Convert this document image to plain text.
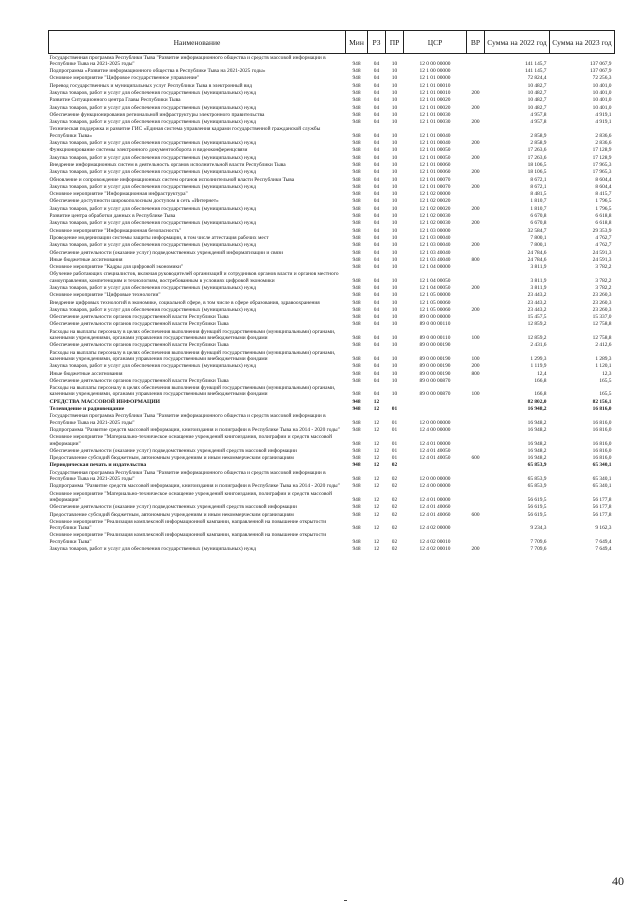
Наименование	Мин	РЗ	ПР	ЦСР	ВР	Сумма на 2022 год	Сумма на 2023 год
Государственная программа Республики Тыва "Развитие информационного общества и средств массовой информации в Республике Тыва на 2021-2025 годы"	948	04	10	12 0 00 00000		141 145,7	137 067,9
Подпрограмма «Развитие информационного общества в Республике Тыва на 2021-2025 годы»	948	04	10	12 1 00 00000		141 145,7	137 067,9
Основное мероприятие "Цифровое государственное управление"	948	04	10	12 1 01 00000		72 824,4	72 256,3
Перевод государственных и муниципальных услуг Республики Тыва в электронный вид	948	04	10	12 1 01 00010		10 482,7	10 401,0
Закупка товаров, работ и услуг для обеспечения государственных (муниципальных) нужд	948	04	10	12 1 01 00010	200	10 482,7	10 401,0
Развитие Ситуационного центра Главы Республики Тыва	948	04	10	12 1 01 00020		10 482,7	10 401,0
Закупка товаров, работ и услуг для обеспечения государственных (муниципальных) нужд	948	04	10	12 1 01 00020	200	10 482,7	10 401,0
Обеспечение функционирования региональной инфраструктуры электронного правительства	948	04	10	12 1 01 00030		4 957,8	4 919,1
Закупка товаров, работ и услуг для обеспечения государственных (муниципальных) нужд	948	04	10	12 1 01 00030	200	4 957,8	4 919,1
Техническая поддержка и развитие ГИС «Единая система управления кадрами государственной гражданской службы Республики Тыва»	948	04	10	12 1 01 00040		2 858,9	2 836,6
Закупка товаров, работ и услуг для обеспечения государственных (муниципальных) нужд	948	04	10	12 1 01 00040	200	2 858,9	2 836,6
Функционирование системы электронного документооборота и видеоконференцсвязи	948	04	10	12 1 01 00050		17 263,6	17 128,9
Закупка товаров, работ и услуг для обеспечения государственных (муниципальных) нужд	948	04	10	12 1 01 00050	200	17 263,6	17 128,9
Внедрение информационных систем в деятельность органов исполнительной власти Республики Тыва	948	04	10	12 1 01 00060		18 106,5	17 965,3
Закупка товаров, работ и услуг для обеспечения государственных (муниципальных) нужд	948	04	10	12 1 01 00060	200	18 106,5	17 965,3
Обновление и сопровождение информационных систем органов исполнительной власти Республики Тыва	948	04	10	12 1 01 00070		8 672,1	8 604,4
Закупка товаров, работ и услуг для обеспечения государственных (муниципальных) нужд	948	04	10	12 1 01 00070	200	8 672,1	8 604,4
Основное мероприятие "Информационная инфраструктура"	948	04	10	12 1 02 00000		8 481,5	8 415,7
Обеспечение доступности широкополосным доступом в сеть «Интернет»	948	04	10	12 1 02 00020		1 810,7	1 796,5
Закупка товаров, работ и услуг для обеспечения государственных (муниципальных) нужд	948	04	10	12 1 02 00020	200	1 810,7	1 796,5
Развитие центра обработки данных в Республике Тыва	948	04	10	12 1 02 00030		6 670,8	6 618,8
Закупка товаров, работ и услуг для обеспечения государственных (муниципальных) нужд	948	04	10	12 1 02 00030	200	6 670,8	6 618,8
Основное мероприятие "Информационная безопасность"	948	04	10	12 1 03 00000		32 584,7	29 353,9
Проведение модернизации системы защиты информации, в том числе аттестация рабочих мест	948	04	10	12 1 03 00040		7 800,1	4 762,7
Закупка товаров, работ и услуг для обеспечения государственных (муниципальных) нужд	948	04	10	12 1 03 00040	200	7 800,1	4 762,7
Обеспечение деятельности (оказание услуг) подведомственных учреждений информатизации и связи	948	04	10	12 1 03 40040		24 784,6	24 591,3
Иные бюджетные ассигнования	948	04	10	12 1 03 40040	800	24 784,6	24 591,3
Основное мероприятие "Кадры для цифровой экономики"	948	04	10	12 1 04 00000		3 811,9	3 782,2
Обучение работающих специалистов, включая руководителей организаций и сотрудников органов власти и органов местного самоуправления, компетенциям и технологиям, востребованным в условиях цифровой экономики	948	04	10	12 1 04 00050		3 811,9	3 782,2
Закупка товаров, работ и услуг для обеспечения государственных (муниципальных) нужд	948	04	10	12 1 04 00050	200	3 811,9	3 782,2
Основное мероприятие "Цифровые технологии"	948	04	10	12 1 05 00000		23 443,2	23 260,3
Внедрение цифровых технологий в экономике, социальной сфере, в том числе в сфере образования, здравоохранения	948	04	10	12 1 05 00060		23 443,2	23 260,3
Закупка товаров, работ и услуг для обеспечения государственных (муниципальных) нужд	948	04	10	12 1 05 00060	200	23 443,2	23 260,3
Обеспечение деятельности органов государственной власти Республики Тыва	948	04	10	89 0 00 00000		15 457,5	15 337,0
Обеспечение деятельности органов государственной власти Республики Тыва	948	04	10	89 0 00 00110		12 859,2	12 758,8
Расходы на выплаты персоналу в целях обеспечения выполнения функций государственными (муниципальными) органами, казенными учреждениями, органами управления государственными внебюджетными фондами	948	04	10	89 0 00 00110	100	12 859,2	12 758,8
Обеспечение деятельности органов государственной власти Республики Тыва	948	04	10	89 0 00 00190		2 431,6	2 412,6
Расходы на выплаты персоналу в целях обеспечения выполнения функций государственными (муниципальными) органами, казенными учреждениями, органами управления государственными внебюджетными фондами	948	04	10	89 0 00 00190	100	1 299,3	1 289,3
Закупка товаров, работ и услуг для обеспечения государственных (муниципальных) нужд	948	04	10	89 0 00 00190	200	1 119,9	1 120,1
Иные бюджетные ассигнования	948	04	10	89 0 00 00190	800	12,4	12,3
Обеспечение деятельности органов государственной власти Республики Тыва	948	04	10	89 0 00 00870		166,8	165,5
Расходы на выплаты персоналу в целях обеспечения выполнения функций государственными (муниципальными) органами, казенными учреждениями, органами управления государственными внебюджетными фондами	948	04	10	89 0 00 00870	100	166,8	165,5
СРЕДСТВА МАССОВОЙ ИНФОРМАЦИИ	948	12				82 802,0	82 156,1
Телевидение и радиовещание	948	12	01			16 948,2	16 816,0
Государственная программа Республики Тыва "Развитие информационного общества и средств массовой информации в Республике Тыва на 2021-2025 годы"	948	12	01	12 0 00 00000		16 948,2	16 816,0
Подпрограмма "Развитие средств массовой информации, книгоиздания и полиграфии в Республике Тыва на 2014 - 2020 годы"	948	12	01	12 4 00 00000		16 948,2	16 816,0
Основное мероприятие "Материально-техническое оснащение учреждений книгоиздания, полиграфии и средств массовой информации"	948	12	01	12 4 01 00000		16 948,2	16 816,0
Обеспечение деятельности (оказание услуг) подведомственных учреждений средств массовой информации	948	12	01	12 4 01 40050		16 948,2	16 816,0
Предоставление субсидий бюджетным, автономным учреждениям и иным некоммерческим организациям	948	12	01	12 4 01 40050	600	16 948,2	16 816,0
Периодическая печать и издательства	948	12	02			65 853,9	65 340,1
Государственная программа Республики Тыва "Развитие информационного общества и средств массовой информации в Республике Тыва на 2021-2025 годы"	948	12	02	12 0 00 00000		65 853,9	65 340,1
Подпрограмма "Развитие средств массовой информации, книгоиздания и полиграфии в Республике Тыва на 2014 - 2020 годы"	948	12	02	12 4 00 00000		65 853,9	65 340,1
Основное мероприятие "Материально-техническое оснащение учреждений книгоиздания, полиграфии и средств массовой информации"	948	12	02	12 4 01 00000		56 619,5	56 177,8
Обеспечение деятельности (оказание услуг) подведомственных учреждений средств массовой информации	948	12	02	12 4 01 40060		56 619,5	56 177,8
Предоставление субсидий бюджетным, автономным учреждениям и иным некоммерческим организациям	948	12	02	12 4 01 40060	600	56 619,5	56 177,8
Основное мероприятие "Реализация комплексной информационной кампании, направленной на повышение открытости Республики Тыва"	948	12	02	12 4 02 00000		9 234,3	9 162,3
Основное мероприятие "Реализация комплексной информационной кампании, направленной на повышение открытости Республики Тыва"	948	12	02	12 4 02 00010		7 709,6	7 649,4
Закупка товаров, работ и услуг для обеспечения государственных (муниципальных) нужд	948	12	02	12 4 02 00010	200	7 709,6	7 649,4
40
